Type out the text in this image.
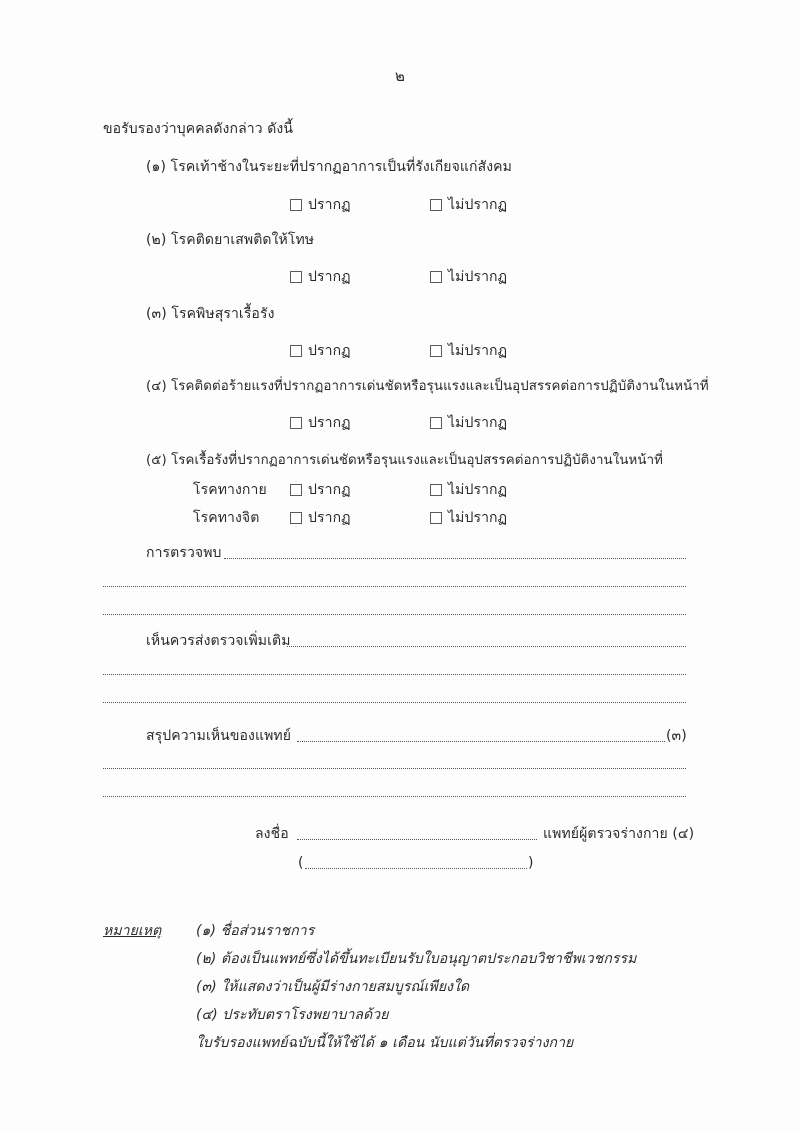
๒
ขอรับรองว่าบุคคลดังกล่าว ดังนี้
(๑) โรคเท้าช้างในระยะที่ปรากฏอาการเป็นที่รังเกียจแก่สังคม
ปรากฏ	ไม่ปรากฏ
(๒) โรคติดยาเสพติดให้โทษ
ปรากฏ	ไม่ปรากฏ
(๓) โรคพิษสุราเรื้อรัง
ปรากฏ	ไม่ปรากฏ
(๔) โรคติดต่อร้ายแรงที่ปรากฏอาการเด่นชัดหรือรุนแรงและเป็นอุปสรรคต่อการปฏิบัติงานในหน้าที่
ปรากฏ	ไม่ปรากฏ
(๕) โรคเรื้อรังที่ปรากฏอาการเด่นชัดหรือรุนแรงและเป็นอุปสรรคต่อการปฏิบัติงานในหน้าที่
โรคทางกาย	ปรากฏ	ไม่ปรากฏ
โรคทางจิต	ปรากฏ	ไม่ปรากฏ
การตรวจพบ
เห็นควรส่งตรวจเพิ่มเติม
สรุปความเห็นของแพทย์	(๓)
ลงชื่อ	แพทย์ผู้ตรวจร่างกาย (๔)
(	)
หมายเหตุ (๑) ชื่อส่วนราชการ
(๒) ต้องเป็นแพทย์ซึ่งได้ขึ้นทะเบียนรับใบอนุญาตประกอบวิชาชีพเวชกรรม
(๓) ให้แสดงว่าเป็นผู้มีร่างกายสมบูรณ์เพียงใด
(๔) ประทับตราโรงพยาบาลด้วย
ใบรับรองแพทย์ฉบับนี้ให้ใช้ได้ ๑ เดือน นับแต่วันที่ตรวจร่างกาย
